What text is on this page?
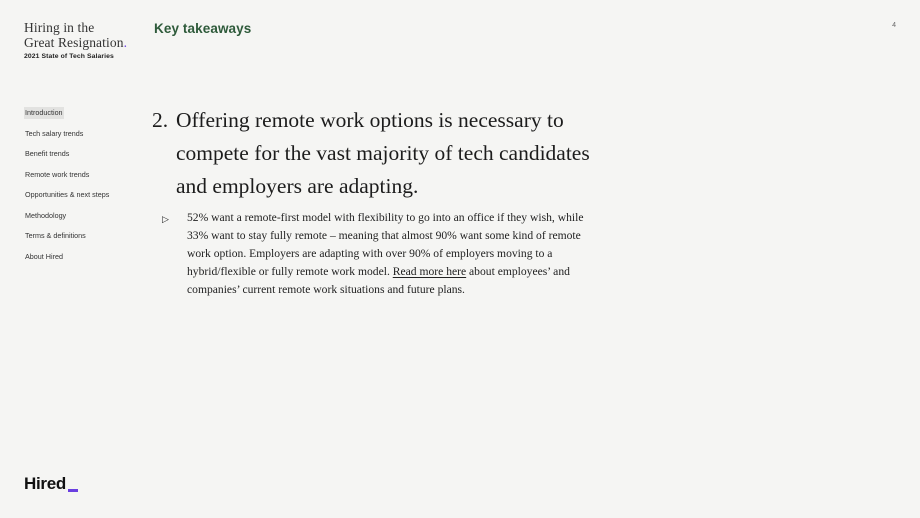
Hiring in the
Great Resignation.
2021 State of Tech Salaries
Key takeaways	4
Introduction
Tech salary trends
Benefit trends
Remote work trends
Opportunities & next steps
Methodology
Terms & definitions
About Hired
2. Offering remote work options is necessary to compete for the vast majority of tech candidates and employers are adapting.
▷	52% want a remote-first model with flexibility to go into an office if they wish, while 33% want to stay fully remote – meaning that almost 90% want some kind of remote work option. Employers are adapting with over 90% of employers moving to a hybrid/flexible or fully remote work model. Read more here about employees’ and companies’ current remote work situations and future plans.
Hired
